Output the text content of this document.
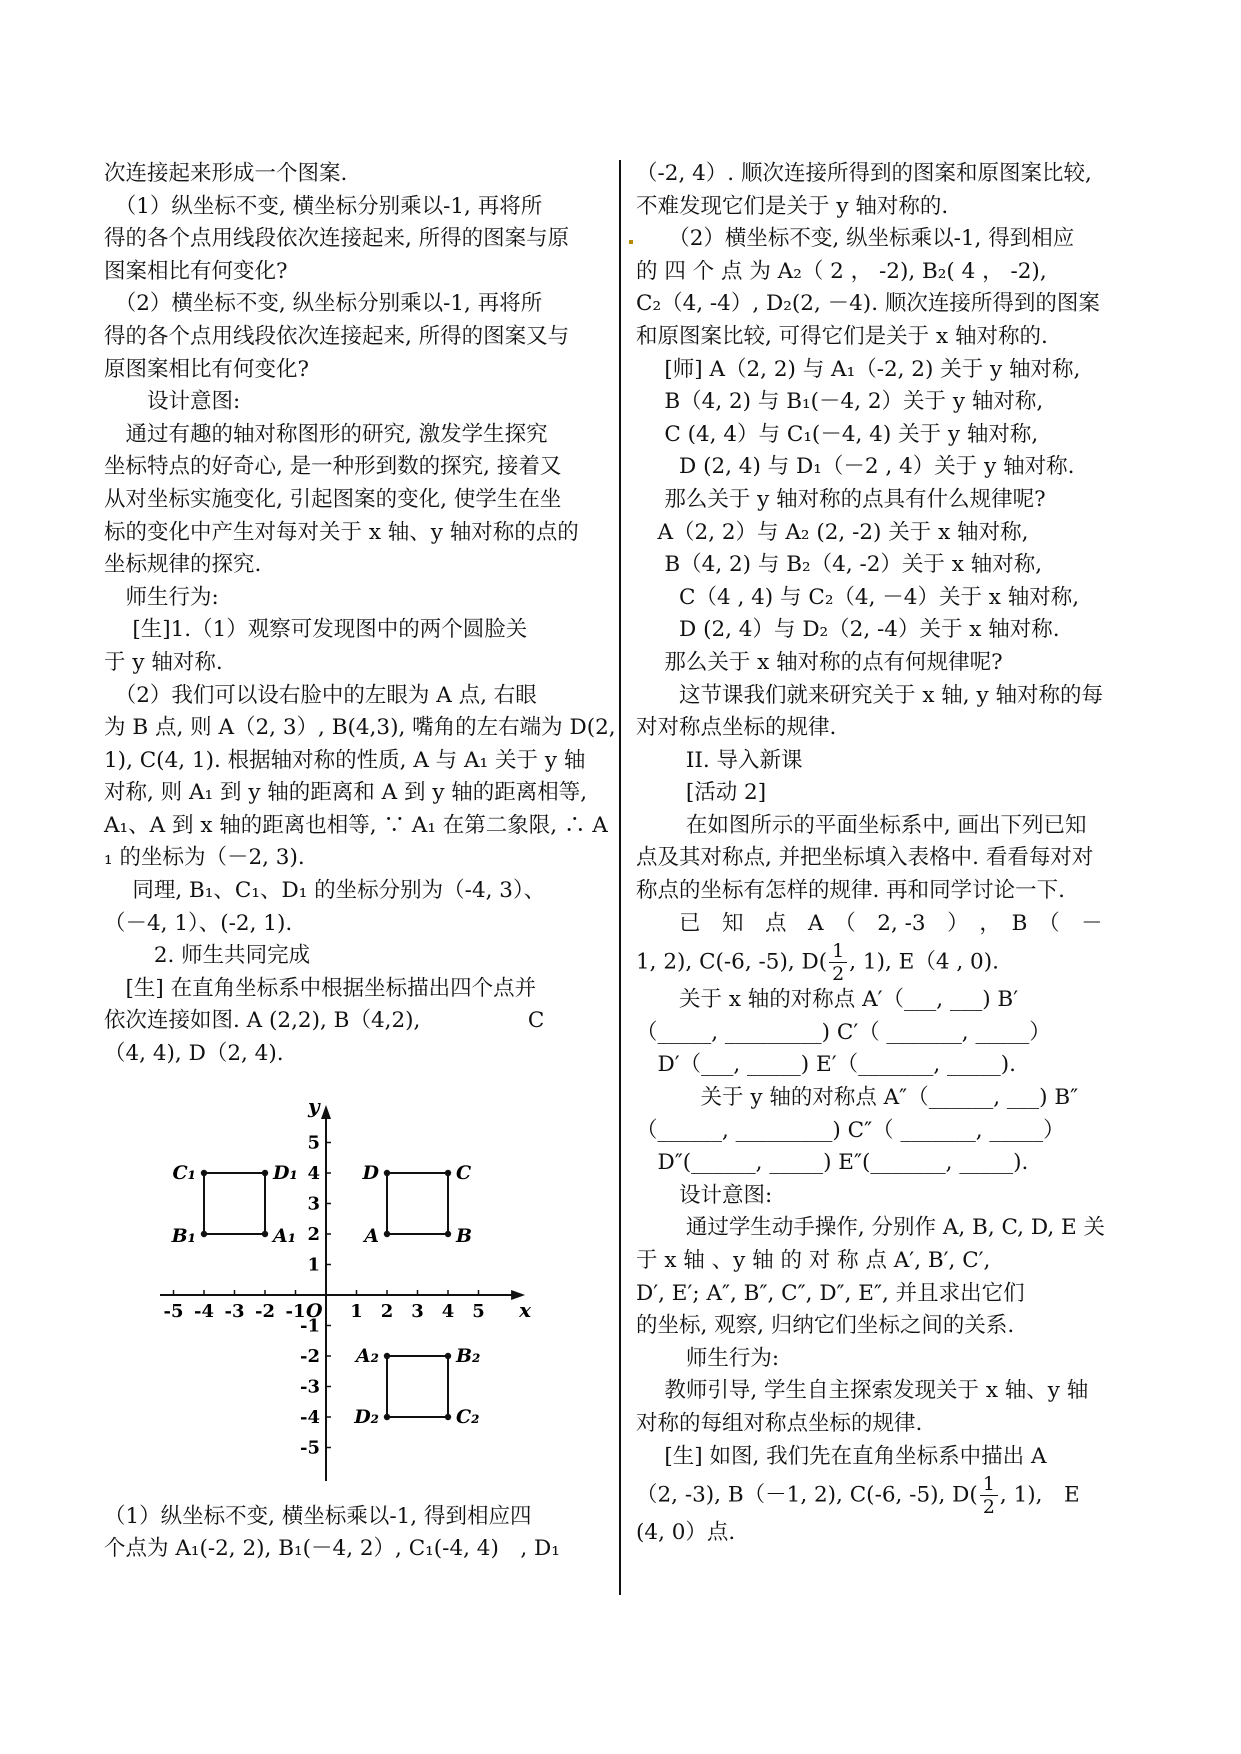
次连接起来形成一个图案.
　（1）纵坐标不变, 横坐标分别乘以-1, 再将所
得的各个点用线段依次连接起来, 所得的图案与原
图案相比有何变化?
　（2）横坐标不变, 纵坐标分别乘以-1, 再将所
得的各个点用线段依次连接起来, 所得的图案又与
原图案相比有何变化?
　　设计意图:
　通过有趣的轴对称图形的研究, 激发学生探究
坐标特点的好奇心, 是一种形到数的探究, 接着又
从对坐标实施变化, 引起图案的变化, 使学生在坐
标的变化中产生对每对关于 x 轴、y 轴对称的点的
坐标规律的探究.
　师生行为:
　 [生]1.（1）观察可发现图中的两个圆脸关
于 y 轴对称.
　（2）我们可以设右脸中的左眼为 A 点, 右眼
为 B 点, 则 A（2, 3）, B(4,3), 嘴角的左右端为 D(2,
1), C(4, 1). 根据轴对称的性质, A 与 A₁ 关于 y 轴
对称, 则 A₁ 到 y 轴的距离和 A 到 y 轴的距离相等,
A₁、A 到 x 轴的距离也相等, ∵ A₁ 在第二象限, ∴ A
₁ 的坐标为（－2, 3).
　 同理, B₁、C₁、D₁ 的坐标分别为（-4, 3）、
（－4, 1）、(-2, 1).
　　 2. 师生共同完成
　[生] 在直角坐标系中根据坐标描出四个点并
依次连接如图. A (2,2), B（4,2),　　　　　C
（4, 4), D（2, 4).
（1）纵坐标不变, 横坐标乘以-1, 得到相应四
个点为 A₁(-2, 2), B₁(－4, 2）, C₁(-4, 4)　, D₁
x
y
O
-5 -4 -3 -2 -1 1 2 3 4 5
5
4
3
2
1
-1
-2
-3
-4
-5
A₁
B₁
C₁	D₁
A	B
C
D
A₂	B₂
C₂
D₂
（-2, 4）. 顺次连接所得到的图案和原图案比较,
不难发现它们是关于 y 轴对称的.
　　（2）横坐标不变, 纵坐标乘以-1, 得到相应
的 四 个 点 为 A₂（ 2 ， -2), B₂( 4 ， -2),
C₂（4, -4）, D₂(2, －4). 顺次连接所得到的图案
和原图案比较, 可得它们是关于 x 轴对称的.
　 [师] A（2, 2) 与 A₁（-2, 2) 关于 y 轴对称,
　 B（4, 2) 与 B₁(－4, 2）关于 y 轴对称,
　 C (4, 4）与 C₁(－4, 4) 关于 y 轴对称,
　　D (2, 4) 与 D₁（－2 , 4）关于 y 轴对称.
　 那么关于 y 轴对称的点具有什么规律呢?
　A（2, 2）与 A₂ (2, -2) 关于 x 轴对称,
　 B（4, 2) 与 B₂（4, -2）关于 x 轴对称,
　　C（4 , 4) 与 C₂（4, －4）关于 x 轴对称,
　　D (2, 4）与 D₂（2, -4）关于 x 轴对称.
　 那么关于 x 轴对称的点有何规律呢?
　　这节课我们就来研究关于 x 轴, y 轴对称的每
对对称点坐标的规律.
　　 II. 导入新课
　　 [活动 2]
　　 在如图所示的平面坐标系中, 画出下列已知
点及其对称点, 并把坐标填入表格中. 看看每对对
称点的坐标有怎样的规律. 再和同学讨论一下.
　　已　知　点　A　（　2, -3　）　，　B　（　－
1, 2), C(-6, -5), $D( \frac{1}{2}$ , 1), E（4 , 0).
　　关于 x 轴的对称点 A′（___, ___) B′
（_____, _________) C′（ _______, _____）
　D′（___, _____) E′（_______, _____).
　　　关于 y 轴的对称点 A″（______, ___) B″
（______, _________) C″（ _______, _____）
　D″(______, _____) E″(_______, _____).
　　设计意图:
　　 通过学生动手操作, 分别作 A, B, C, D, E 关
于 x 轴 、y 轴 的 对 称 点 A′, B′, C′,
D′, E′; A″, B″, C″, D″, E″, 并且求出它们
的坐标, 观察, 归纳它们坐标之间的关系.
　　 师生行为:
　 教师引导, 学生自主探索发现关于 x 轴、y 轴
对称的每组对称点坐标的规律.
　 [生] 如图, 我们先在直角坐标系中描出 A
（2, -3), B（－1, 2), C(-6, -5), $D( \frac{1}{2}$ , 1),　E
(4, 0）点.
